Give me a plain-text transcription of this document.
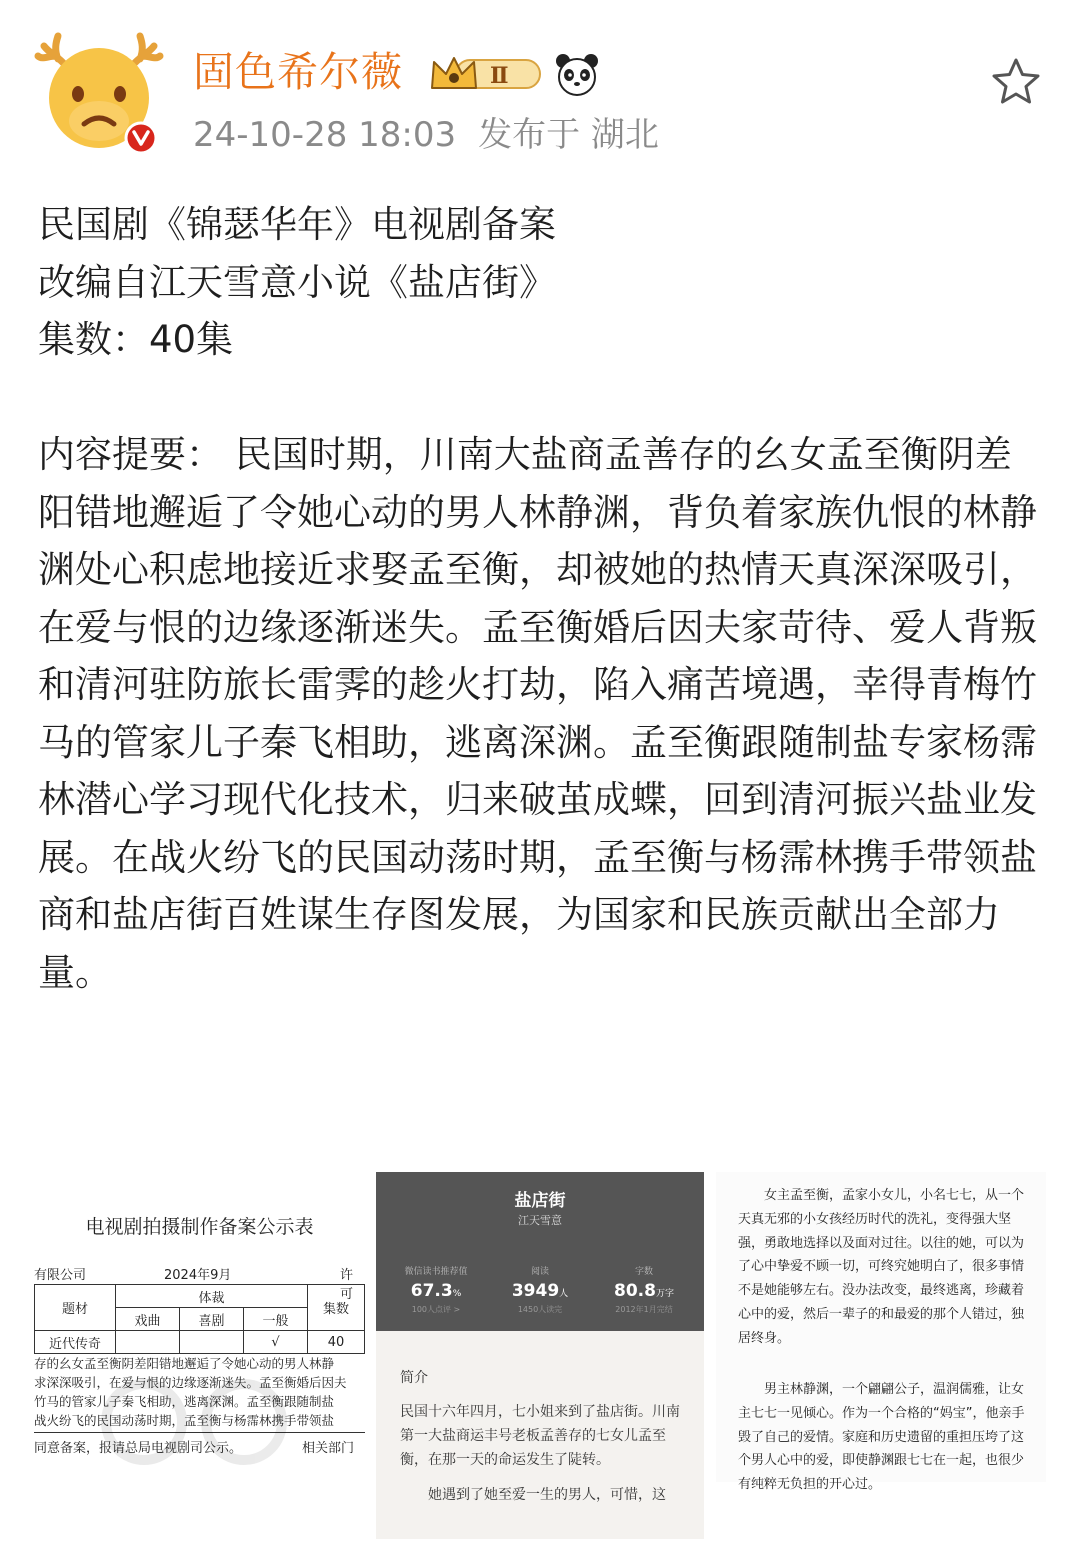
固色希尔薇	Ⅱ
24-10-28 18:03 发布于 湖北

民国剧《锦瑟华年》电视剧备案

改编自江天雪意小说《盐店街》

集数：40集

内容提要： 民国时期，川南大盐商孟善存的幺女孟至衡阴差阳错地邂逅了令她心动的男人林静渊，背负着家族仇恨的林静渊处心积虑地接近求娶孟至衡，却被她的热情天真深深吸引，在爱与恨的边缘逐渐迷失。孟至衡婚后因夫家苛待、爱人背叛和清河驻防旅长雷霁的趁火打劫，陷入痛苦境遇，幸得青梅竹马的管家儿子秦飞相助，逃离深渊。孟至衡跟随制盐专家杨霈林潜心学习现代化技术，归来破茧成蝶，回到清河振兴盐业发展。在战火纷飞的民国动荡时期，孟至衡与杨霈林携手带领盐商和盐店街百姓谋生存图发展，为国家和民族贡献出全部力量。

电视剧拍摄制作备案公示表
有限公司	2024年9月	许可
题材	体裁			集数
	戏曲	喜剧	一般	
近代传奇			√	40
存的幺女孟至衡阴差阳错地邂逅了令她心动的男人林静
求深深吸引，在爱与恨的边缘逐渐迷失。孟至衡婚后因夫
竹马的管家儿子秦飞相助，逃离深渊。孟至衡跟随制盐
战火纷飞的民国动荡时期，孟至衡与杨霈林携手带领盐
同意备案，报请总局电视剧司公示。	相关部门
盐店街
江天雪意
微信读书推荐值
67.3%
100人点评 >
阅读
3949人
1450人读完
字数
80.8万字
2012年1月完结
简介
民国十六年四月，七小姐来到了盐店街。川南第一大盐商运丰号老板孟善存的七女儿孟至衡，在那一天的命运发生了陡转。
她遇到了她至爱一生的男人，可惜，这
女主孟至衡，孟家小女儿，小名七七，从一个天真无邪的小女孩经历时代的洗礼，变得强大坚强，勇敢地选择以及面对过往。以往的她，可以为了心中挚爱不顾一切，可终究她明白了，很多事情不是她能够左右。没办法改变，最终逃离，珍藏着心中的爱，然后一辈子的和最爱的那个人错过，独居终身。
男主林静渊，一个翩翩公子，温润儒雅，让女主七七一见倾心。作为一个合格的“妈宝”，他亲手毁了自己的爱情。家庭和历史遗留的重担压垮了这个男人心中的爱，即使静渊跟七七在一起，也很少有纯粹无负担的开心过。
